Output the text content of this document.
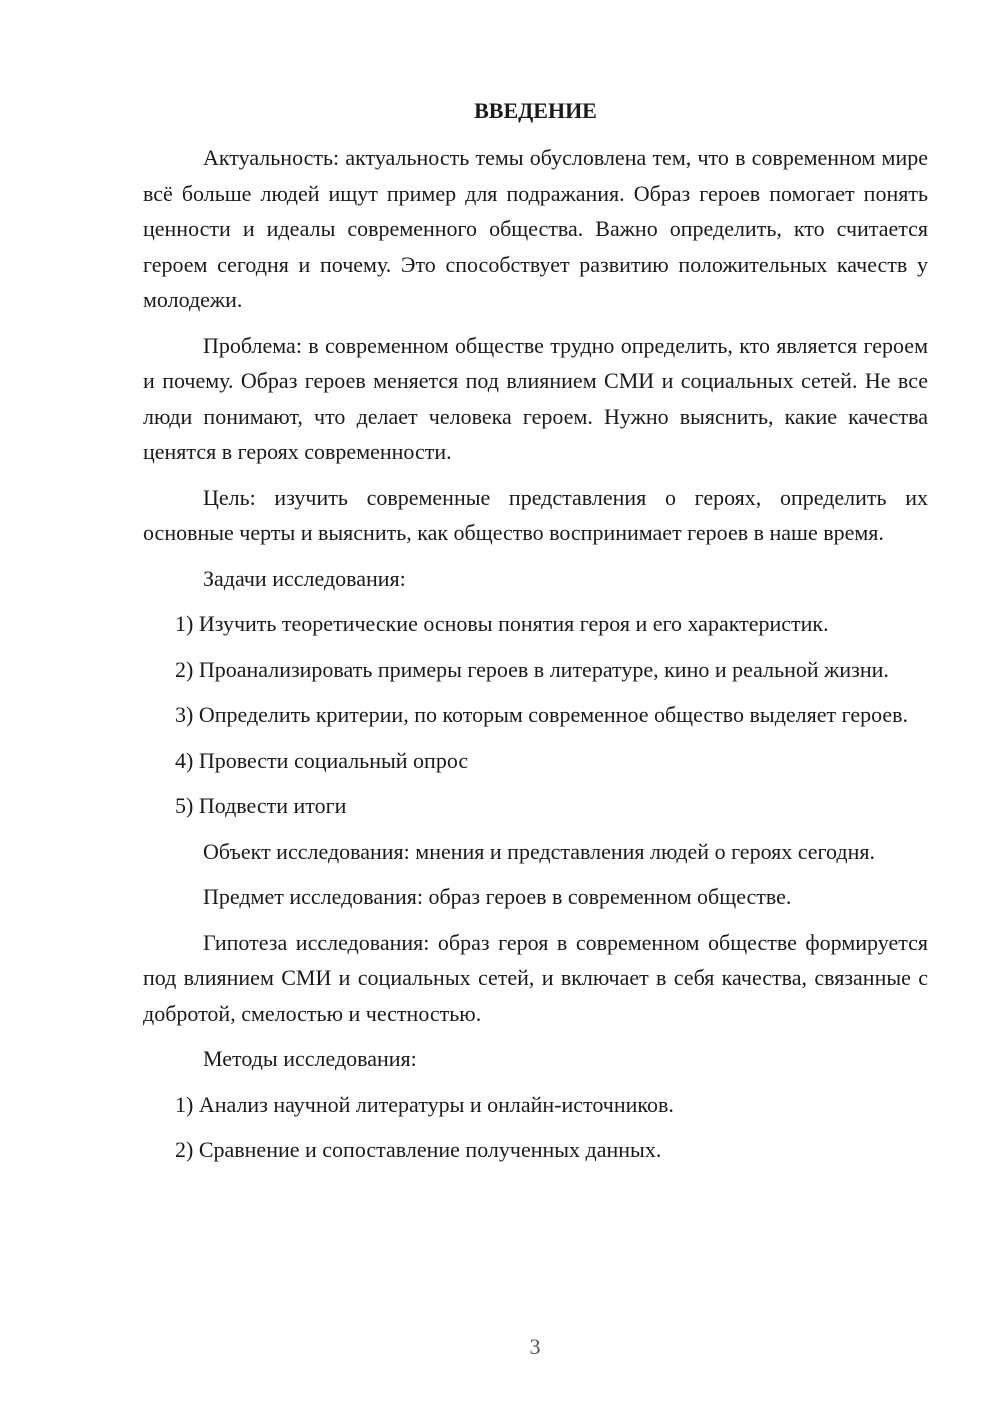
ВВЕДЕНИЕ

Актуальность: актуальность темы обусловлена тем, что в современном мире всё больше людей ищут пример для подражания. Образ героев помогает понять ценности и идеалы современного общества. Важно определить, кто считается героем сегодня и почему. Это способствует развитию положительных качеств у молодежи.

Проблема: в современном обществе трудно определить, кто является героем и почему. Образ героев меняется под влиянием СМИ и социальных сетей. Не все люди понимают, что делает человека героем. Нужно выяснить, какие качества ценятся в героях современности.

Цель: изучить современные представления о героях, определить их основные черты и выяснить, как общество воспринимает героев в наше время.

Задачи исследования:

1) Изучить теоретические основы понятия героя и его характеристик.

2) Проанализировать примеры героев в литературе, кино и реальной жизни.

3) Определить критерии, по которым современное общество выделяет героев.

4) Провести социальный опрос

5) Подвести итоги

Объект исследования: мнения и представления людей о героях сегодня.

Предмет исследования: образ героев в современном обществе.

Гипотеза исследования: образ героя в современном обществе формируется под влиянием СМИ и социальных сетей, и включает в себя качества, связанные с добротой, смелостью и честностью.

Методы исследования:

1) Анализ научной литературы и онлайн-источников.

2) Сравнение и сопоставление полученных данных.

3
